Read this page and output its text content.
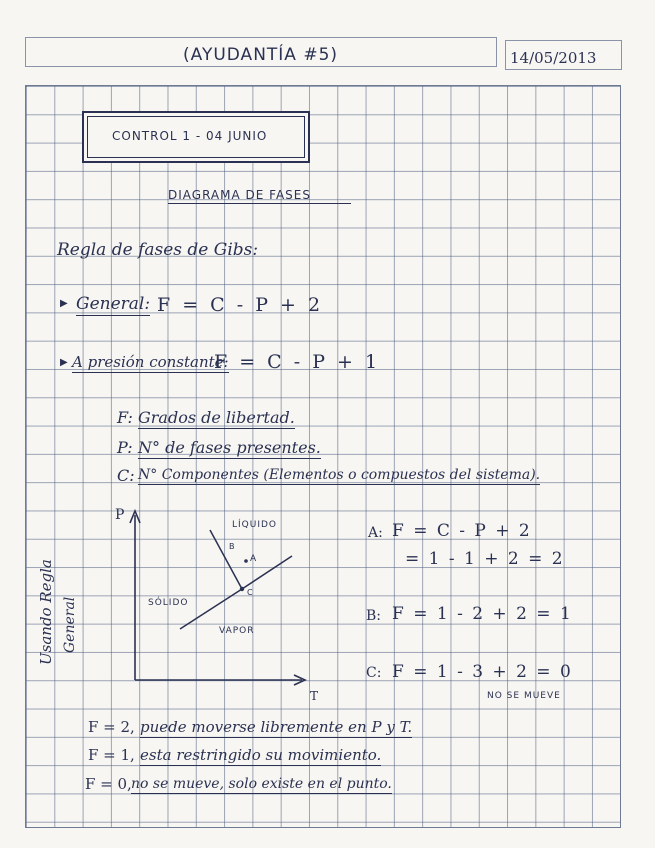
(AYUDANTÍA #5)	14/05/2013
CONTROL 1 - 04 JUNIO
DIAGRAMA DE FASES
Regla de fases de Gibs:
▶ General: F = C - P + 2
▶ A presión constante:
F = C - P + 1
F: Grados de libertad.
P: N° de fases presentes.
C: N° Componentes (Elementos o compuestos del sistema).
P
T
LÍQUIDO
SÓLIDO
VAPOR
B
A
C
Usando Regla General
A: F = C - P + 2
= 1 - 1 + 2 = 2
B: F = 1 - 2 + 2 = 1
C: F = 1 - 3 + 2 = 0
NO SE MUEVE
F = 2, puede moverse libremente en P y T.
F = 1, esta restringido su movimiento.
F = 0, no se mueve, solo existe en el punto.
